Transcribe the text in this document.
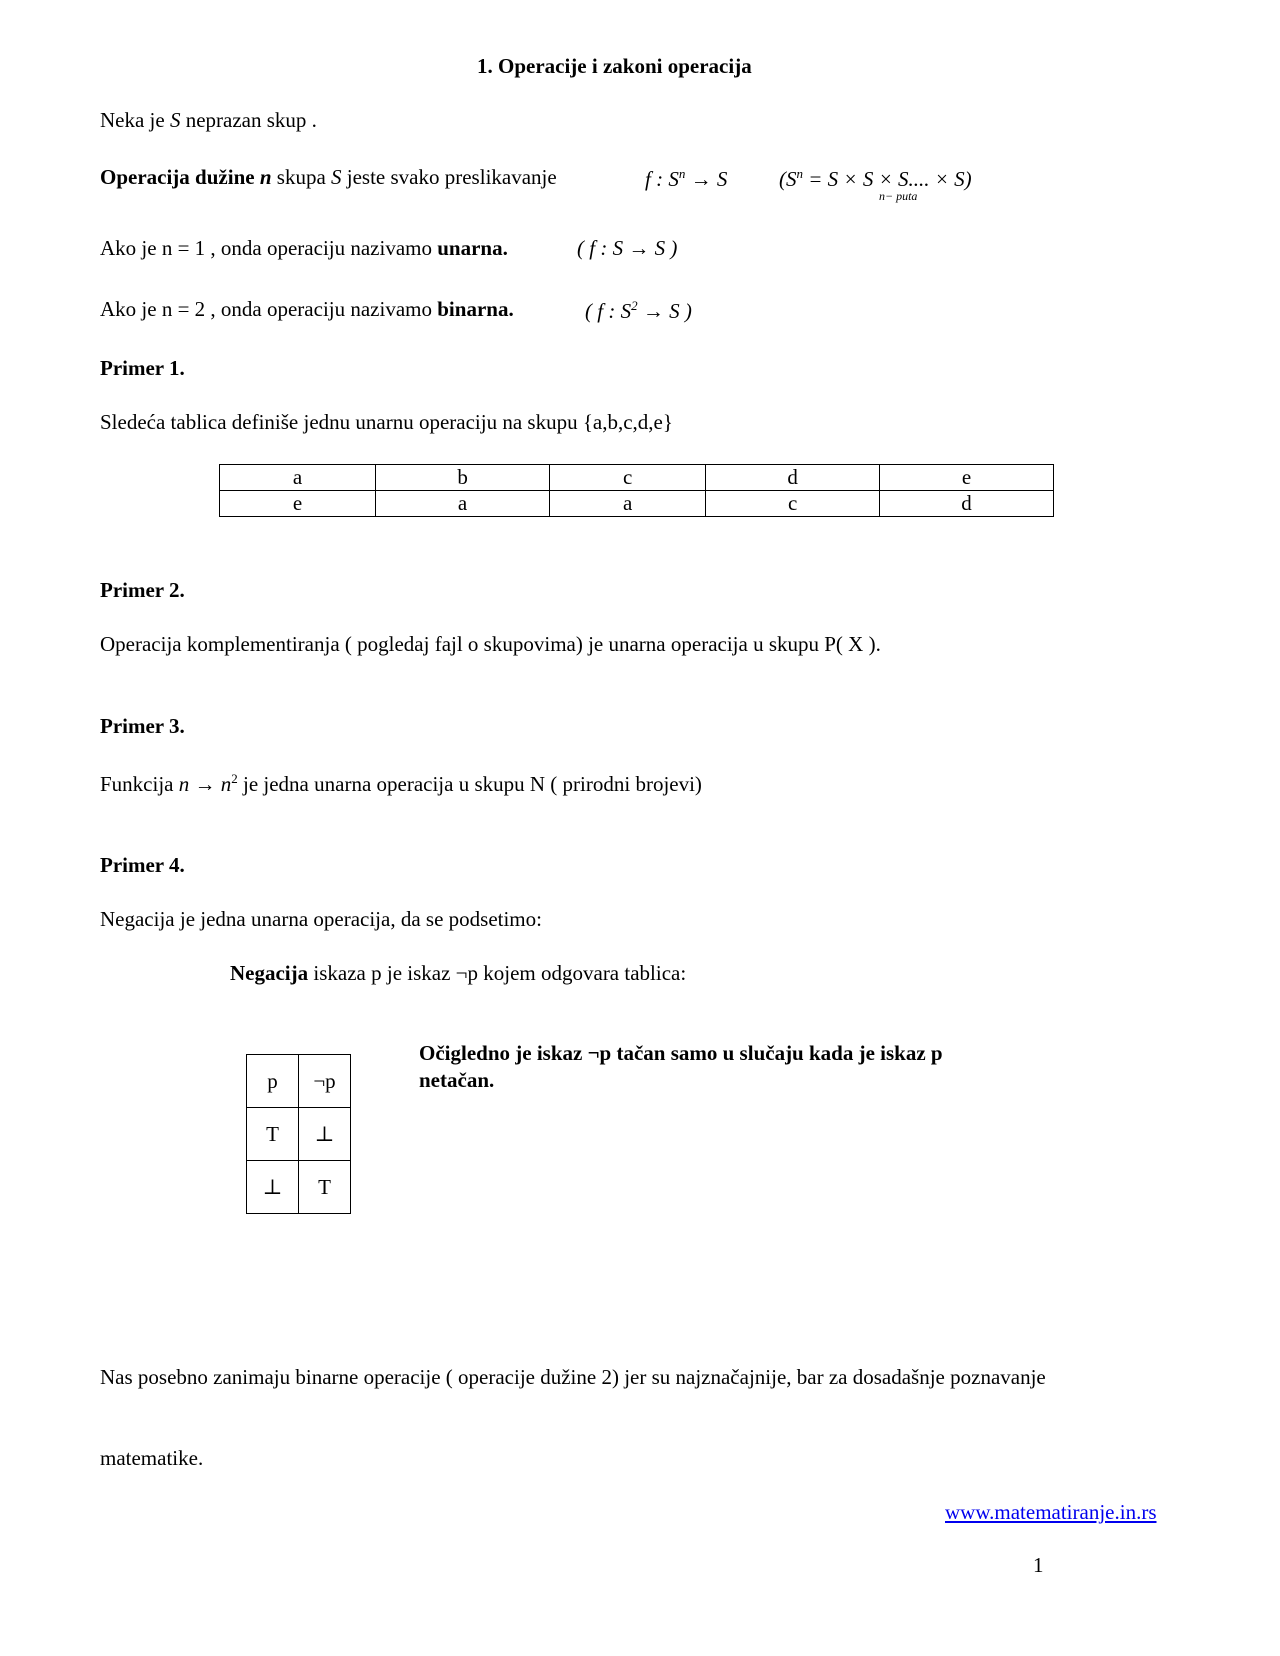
1. Operacije i zakoni operacija
Neka je S neprazan skup .
Operacija dužine n skupa S jeste svako preslikavanje	f : $S^n \to S$ ($S^n = S \times S \times S$.... × S)
n− puta
Ako je n = 1 , onda operaciju nazivamo unarna.	( f : S → S )
Ako je n = 2 , onda operaciju nazivamo binarna.	( f : $S^2 \to S$ )
Primer 1.
Sledeća tablica definiše jednu unarnu operaciju na skupu {a,b,c,d,e}
a	b	c	d	e
e	a	a	c	d
Primer 2.
Operacija komplementiranja ( pogledaj fajl o skupovima) je unarna operacija u skupu P( X ).
Primer 3.
Funkcija $n \to n^2$ je jedna unarna operacija u skupu N ( prirodni brojevi)
Primer 4.
Negacija je jedna unarna operacija, da se podsetimo:
Negacija iskaza p je iskaz ¬p kojem odgovara tablica:
p	¬p
T	⊥
⊥	T
Očigledno je iskaz ¬p tačan samo u slučaju kada je iskaz p
netačan.
Nas posebno zanimaju binarne operacije ( operacije dužine 2) jer su najznačajnije, bar za dosadašnje poznavanje
matematike.
www.matematiranje.in.rs
1
